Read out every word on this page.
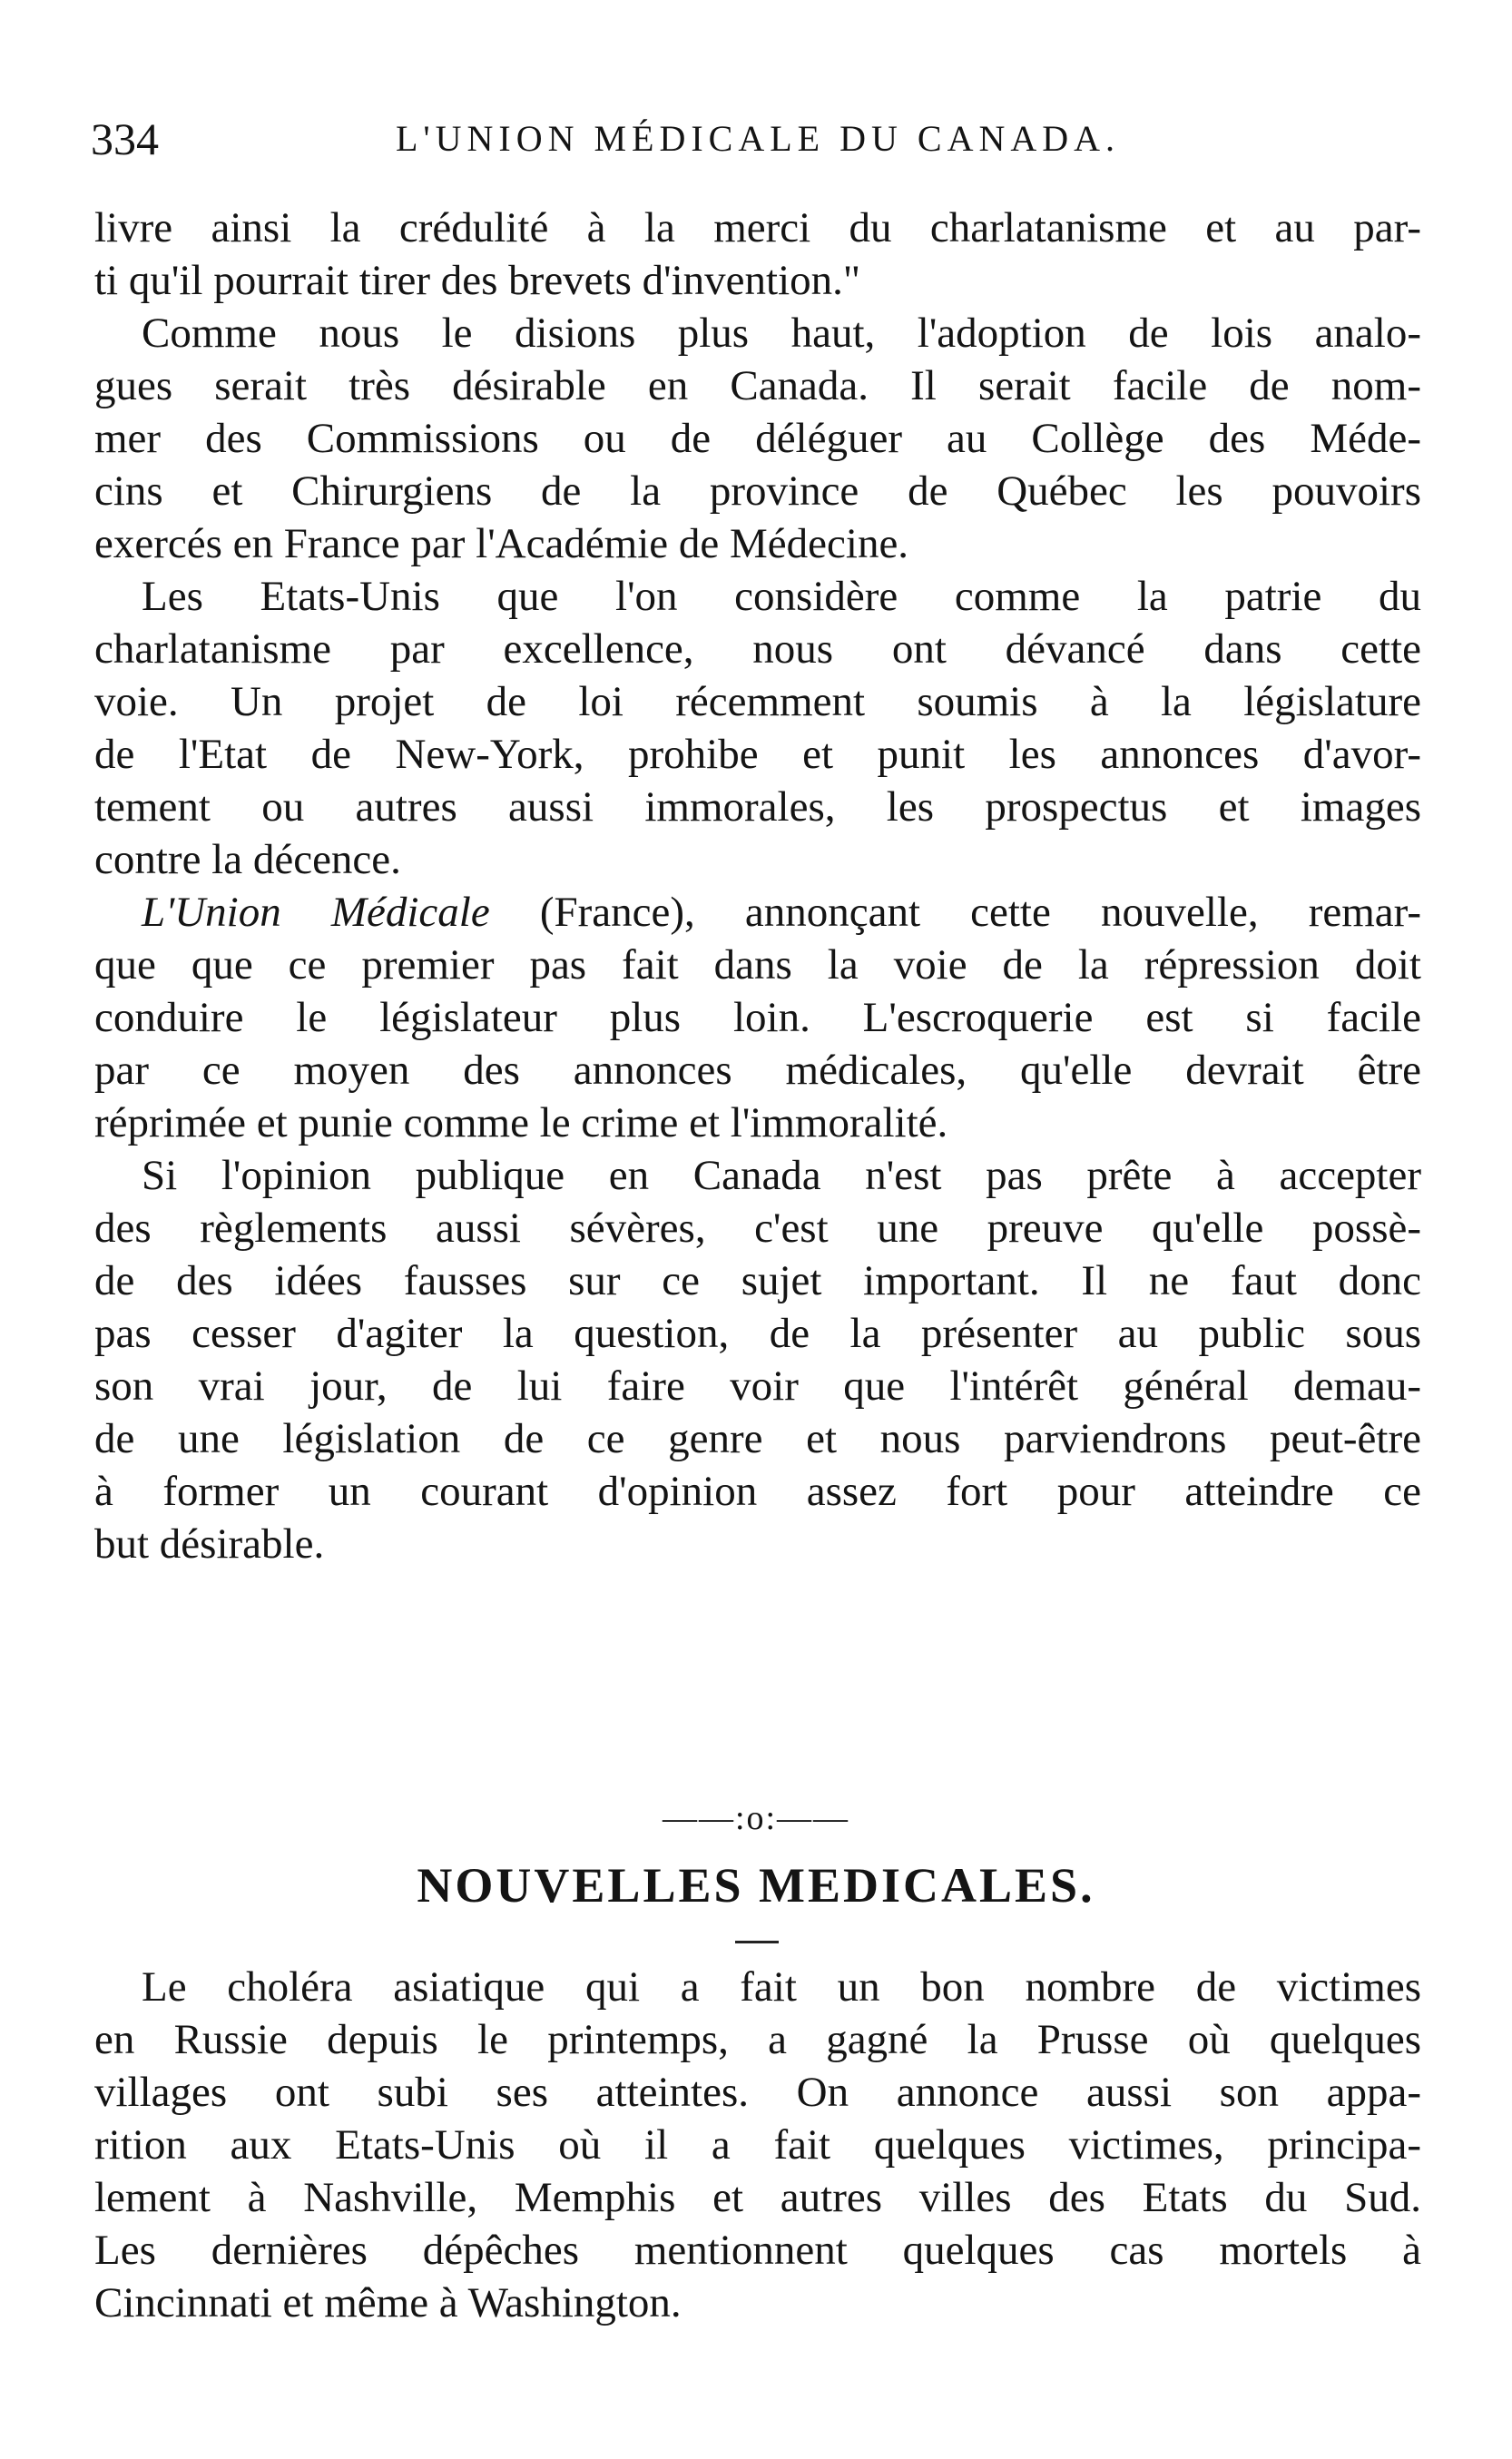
334	L'UNION MÉDICALE DU CANADA.
livre ainsi la crédulité à la merci du charlatanisme et au par-
ti qu'il pourrait tirer des brevets d'invention."
Comme nous le disions plus haut, l'adoption de lois analo-
gues serait très désirable en Canada. Il serait facile de nom-
mer des Commissions ou de déléguer au Collège des Méde-
cins et Chirurgiens de la province de Québec les pouvoirs
exercés en France par l'Académie de Médecine.
Les Etats-Unis que l'on considère comme la patrie du
charlatanisme par excellence, nous ont dévancé dans cette
voie. Un projet de loi récemment soumis à la législature
de l'Etat de New-York, prohibe et punit les annonces d'avor-
tement ou autres aussi immorales, les prospectus et images
contre la décence.
L'Union Médicale (France), annonçant cette nouvelle, remar-
que que ce premier pas fait dans la voie de la répression doit
conduire le législateur plus loin. L'escroquerie est si facile
par ce moyen des annonces médicales, qu'elle devrait être
réprimée et punie comme le crime et l'immoralité.
Si l'opinion publique en Canada n'est pas prête à accepter
des règlements aussi sévères, c'est une preuve qu'elle possè-
de des idées fausses sur ce sujet important. Il ne faut donc
pas cesser d'agiter la question, de la présenter au public sous
son vrai jour, de lui faire voir que l'intérêt général demau-
de une législation de ce genre et nous parviendrons peut-être
à former un courant d'opinion assez fort pour atteindre ce
but désirable.
——:o:——
NOUVELLES MEDICALES.
Le choléra asiatique qui a fait un bon nombre de victimes
en Russie depuis le printemps, a gagné la Prusse où quelques
villages ont subi ses atteintes. On annonce aussi son appa-
rition aux Etats-Unis où il a fait quelques victimes, principa-
lement à Nashville, Memphis et autres villes des Etats du Sud.
Les dernières dépêches mentionnent quelques cas mortels à
Cincinnati et même à Washington.
